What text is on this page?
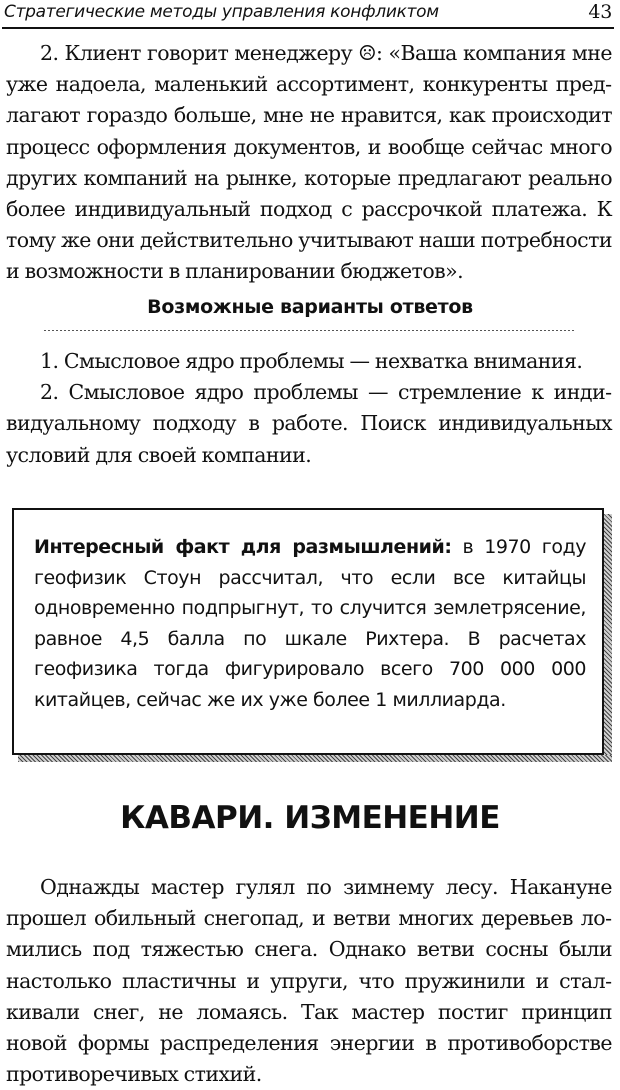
Стратегические методы управления конфликтом	43

2. Клиент говорит менеджеру ☹: «Ваша компания мне уже надоела, маленький ассортимент, конкуренты предлагают гораздо больше, мне не нравится, как происходит процесс оформления документов, и вообще сейчас много других компаний на рынке, которые предлагают реально более индивидуальный подход с рассрочкой платежа. К тому же они действительно учитывают наши потребности и возможности в планировании бюджетов».

Возможные варианты ответов

1. Смысловое ядро проблемы — нехватка внимания.

2. Смысловое ядро проблемы — стремление к индивидуальному подходу в работе. Поиск индивидуальных условий для своей компании.

Интересный факт для размышлений: в 1970 году геофизик Стоун рассчитал, что если все китайцы одновременно подпрыгнут, то случится землетрясение, равное 4,5 балла по шкале Рихтера. В расчетах геофизика тогда фигурировало всего 700 000 000 китайцев, сейчас же их уже более 1 миллиарда.

КАВАРИ. ИЗМЕНЕНИЕ

Однажды мастер гулял по зимнему лесу. Накануне прошел обильный снегопад, и ветви многих деревьев ломились под тяжестью снега. Однако ветви сосны были настолько пластичны и упруги, что пружинили и сталкивали снег, не ломаясь. Так мастер постиг принцип новой формы распределения энергии в противоборстве противоречивых стихий.
